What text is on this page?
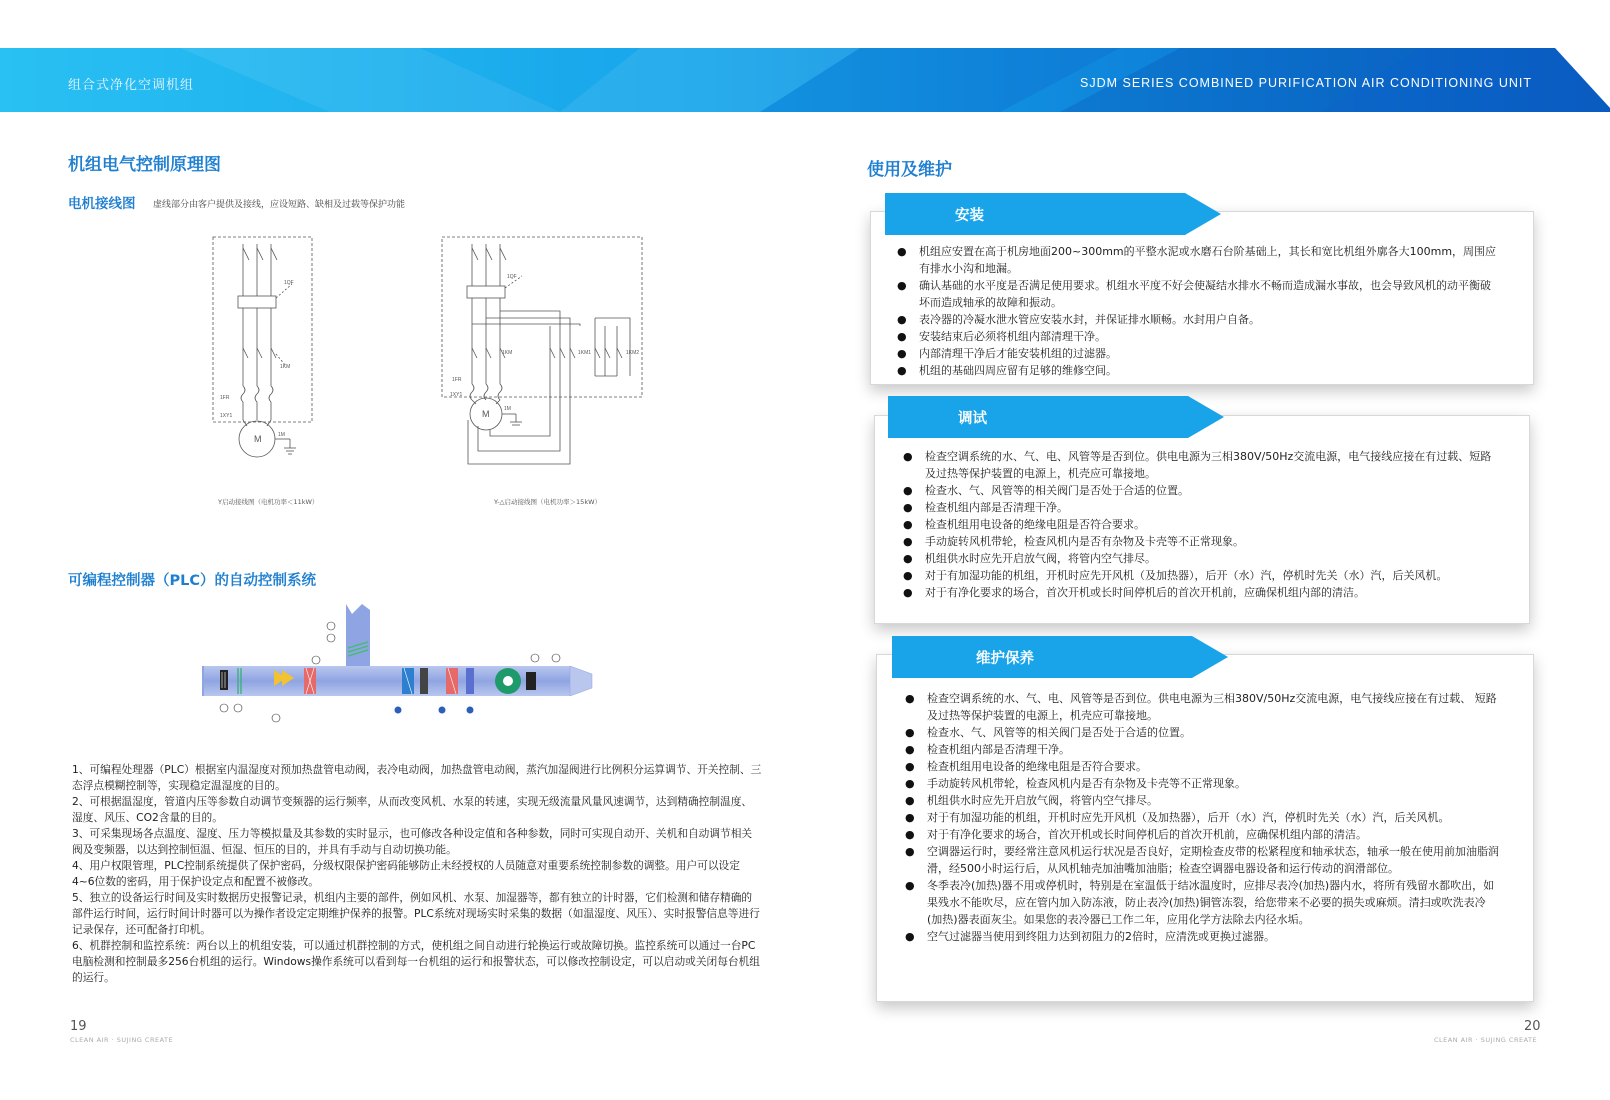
组合式净化空调机组	SJDM SERIES COMBINED PURIFICATION AIR CONDITIONING UNIT
机组电气控制原理图
电机接线图 虚线部分由客户提供及接线，应设短路、缺相及过载等保护功能
1QF
1KM
1FR
1XY1
M	1M
1QF
1KM	1KM1	1KM2
1FR
1XY1
M	1M
Y启动接线图（电机功率＜11kW）	Y-△启动接线图（电机功率＞15kW）
可编程控制器（PLC）的自动控制系统

1、可编程处理器（PLC）根据室内温湿度对预加热盘管电动阀，表冷电动阀，加热盘管电动阀，蒸汽加湿阀进行比例积分运算调节、开关控制、三态浮点模糊控制等，实现稳定温湿度的目的。

2、可根据温湿度，管道内压等参数自动调节变频器的运行频率，从而改变风机、水泵的转速，实现无级流量风量风速调节，达到精确控制温度、湿度、风压、CO2含量的目的。

3、可采集现场各点温度、湿度、压力等模拟量及其参数的实时显示，也可修改各种设定值和各种参数，同时可实现自动开、关机和自动调节相关阀及变频器，以达到控制恒温、恒湿、恒压的目的，并具有手动与自动切换功能。

4、用户权限管理，PLC控制系统提供了保护密码，分级权限保护密码能够防止未经授权的人员随意对重要系统控制参数的调整。用户可以设定4~6位数的密码，用于保护设定点和配置不被修改。

5、独立的设备运行时间及实时数据历史报警记录，机组内主要的部件，例如风机、水泵、加湿器等，都有独立的计时器，它们检测和储存精确的部件运行时间，运行时间计时器可以为操作者设定定期维护保养的报警。PLC系统对现场实时采集的数据（如温湿度、风压）、实时报警信息等进行记录保存，还可配备打印机。

6、机群控制和监控系统：两台以上的机组安装，可以通过机群控制的方式，使机组之间自动进行轮换运行或故障切换。监控系统可以通过一台PC电脑检测和控制最多256台机组的运行。Windows操作系统可以看到每一台机组的运行和报警状态，可以修改控制设定，可以启动或关闭每台机组的运行。

19
CLEAN AIR · SUJING CREATE
20
CLEAN AIR · SUJING CREATE
使用及维护
● 机组应安置在高于机房地面200~300mm的平整水泥或水磨石台阶基础上，其长和宽比机组外廓各大100mm，周围应有排水小沟和地漏。
● 确认基础的水平度是否满足使用要求。机组水平度不好会使凝结水排水不畅而造成漏水事故，也会导致风机的动平衡破坏而造成轴承的故障和振动。
● 表冷器的冷凝水泄水管应安装水封，并保证排水顺畅。水封用户自备。
● 安装结束后必须将机组内部清理干净。
● 内部清理干净后才能安装机组的过滤器。
● 机组的基础四周应留有足够的维修空间。
安装
● 检查空调系统的水、气、电、风管等是否到位。供电电源为三相380V/50Hz交流电源，电气接线应接在有过载、短路及过热等保护装置的电源上，机壳应可靠接地。
● 检查水、气、风管等的相关阀门是否处于合适的位置。
● 检查机组内部是否清理干净。
● 检查机组用电设备的绝缘电阻是否符合要求。
● 手动旋转风机带轮，检查风机内是否有杂物及卡壳等不正常现象。
● 机组供水时应先开启放气阀，将管内空气排尽。
● 对于有加湿功能的机组，开机时应先开风机（及加热器），后开（水）汽，停机时先关（水）汽，后关风机。
● 对于有净化要求的场合，首次开机或长时间停机后的首次开机前，应确保机组内部的清洁。
调试
● 检查空调系统的水、气、电、风管等是否到位。供电电源为三相380V/50Hz交流电源，电气接线应接在有过载、 短路及过热等保护装置的电源上，机壳应可靠接地。
● 检查水、气、风管等的相关阀门是否处于合适的位置。
● 检查机组内部是否清理干净。
● 检查机组用电设备的绝缘电阻是否符合要求。
● 手动旋转风机带轮，检查风机内是否有杂物及卡壳等不正常现象。
● 机组供水时应先开启放气阀，将管内空气排尽。
● 对于有加湿功能的机组，开机时应先开风机（及加热器），后开（水）汽，停机时先关（水）汽，后关风机。
● 对于有净化要求的场合，首次开机或长时间停机后的首次开机前，应确保机组内部的清洁。
● 空调器运行时，要经常注意风机运行状况是否良好，定期检查皮带的松紧程度和轴承状态，轴承一般在使用前加油脂润滑，经500小时运行后，从风机轴壳加油嘴加油脂；检查空调器电器设备和运行传动的润滑部位。
● 冬季表冷(加热)器不用或停机时，特别是在室温低于结冰温度时，应排尽表冷(加热)器内水，将所有残留水都吹出，如果残水不能吹尽，应在管内加入防冻液，防止表冷(加热)铜管冻裂，给您带来不必要的损失或麻烦。清扫或吹洗表冷(加热)器表面灰尘。如果您的表冷器已工作二年，应用化学方法除去内径水垢。
● 空气过滤器当使用到终阻力达到初阻力的2倍时，应清洗或更换过滤器。
维护保养
